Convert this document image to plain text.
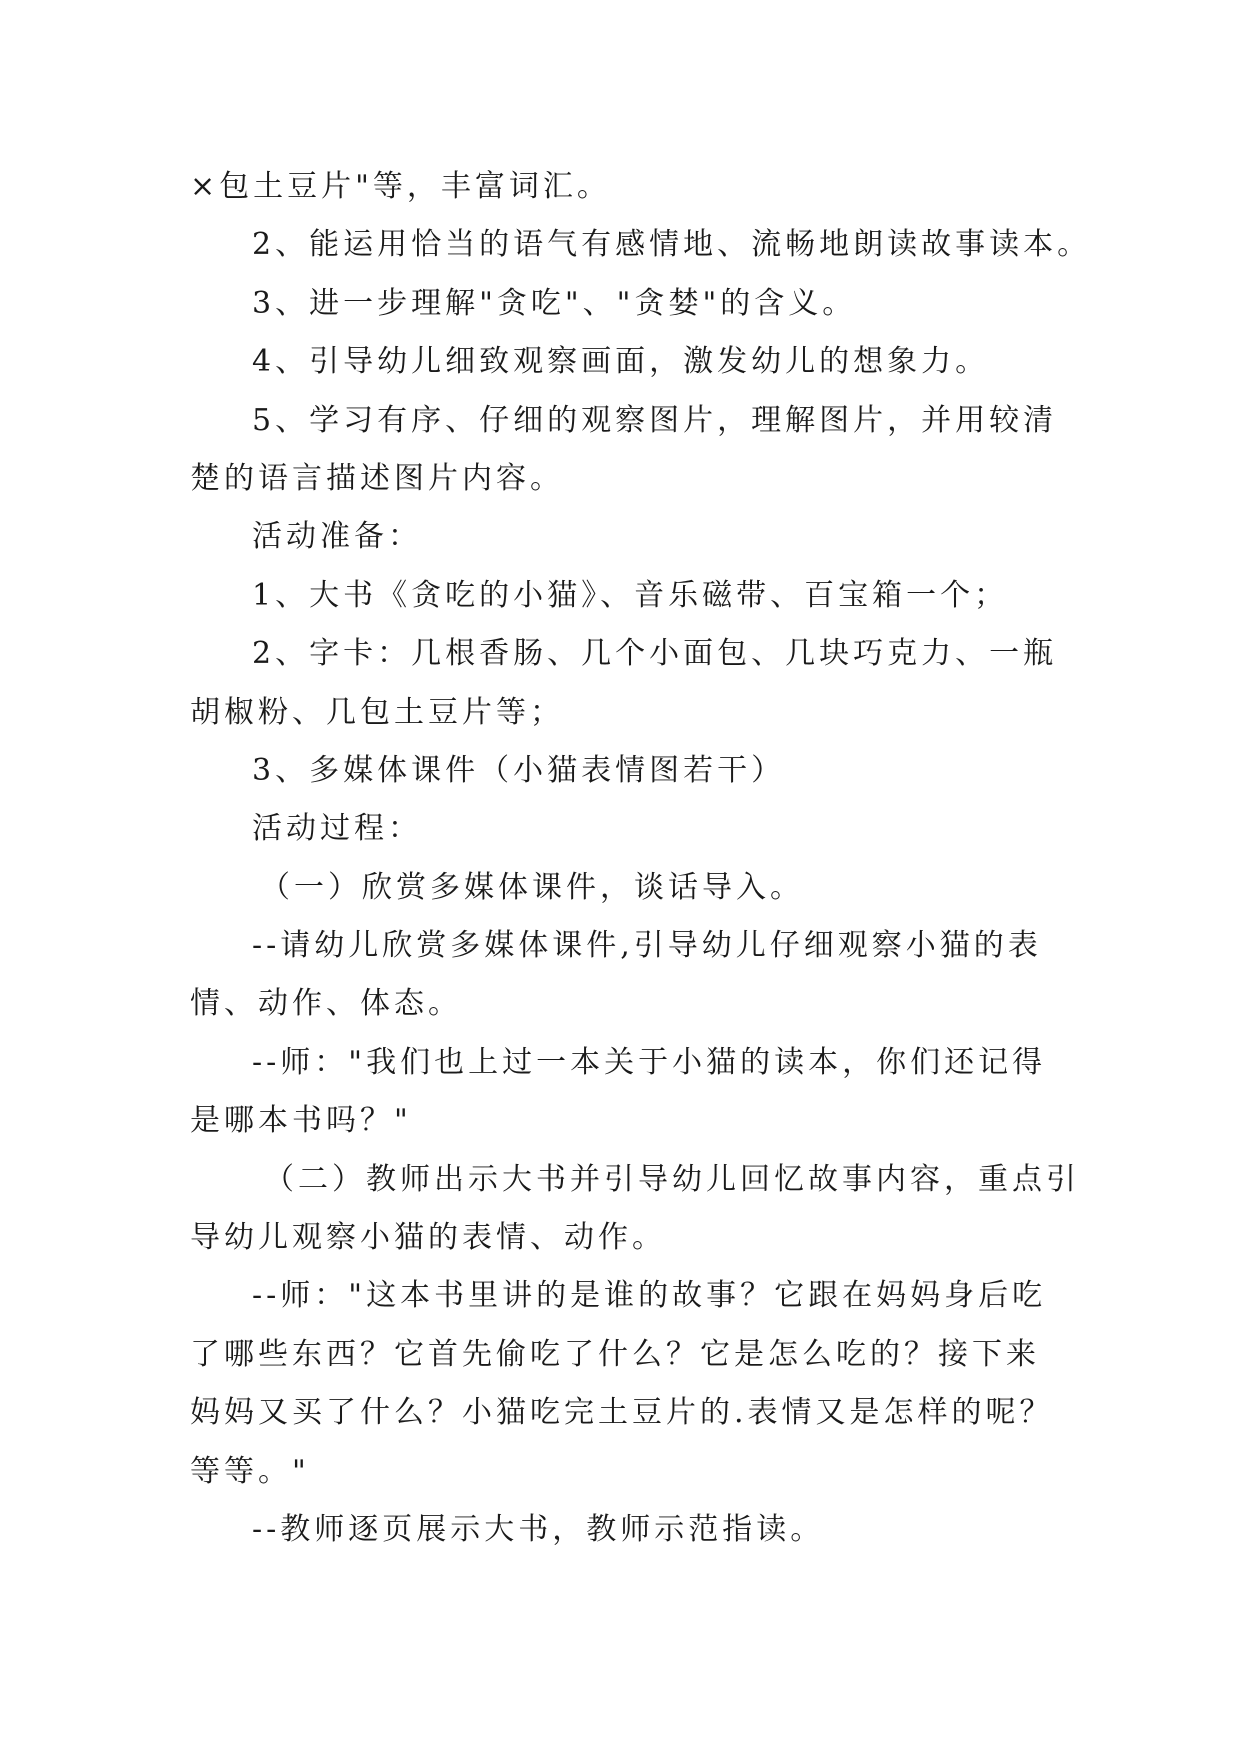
×包土豆片"等，丰富词汇。
2、能运用恰当的语气有感情地、流畅地朗读故事读本。
3、进一步理解"贪吃"、"贪婪"的含义。
4、引导幼儿细致观察画面，激发幼儿的想象力。
5、学习有序、仔细的观察图片，理解图片，并用较清
楚的语言描述图片内容。
活动准备：
1、大书《贪吃的小猫》、音乐磁带、百宝箱一个；
2、字卡：几根香肠、几个小面包、几块巧克力、一瓶
胡椒粉、几包土豆片等；
3、多媒体课件（小猫表情图若干）
活动过程：
（一）欣赏多媒体课件，谈话导入。
--请幼儿欣赏多媒体课件,引导幼儿仔细观察小猫的表
情、动作、体态。
--师："我们也上过一本关于小猫的读本，你们还记得
是哪本书吗？"
（二）教师出示大书并引导幼儿回忆故事内容，重点引
导幼儿观察小猫的表情、动作。
--师："这本书里讲的是谁的故事？它跟在妈妈身后吃
了哪些东西？它首先偷吃了什么？它是怎么吃的？接下来
妈妈又买了什么？小猫吃完土豆片的.表情又是怎样的呢？
等等。"
--教师逐页展示大书，教师示范指读。
